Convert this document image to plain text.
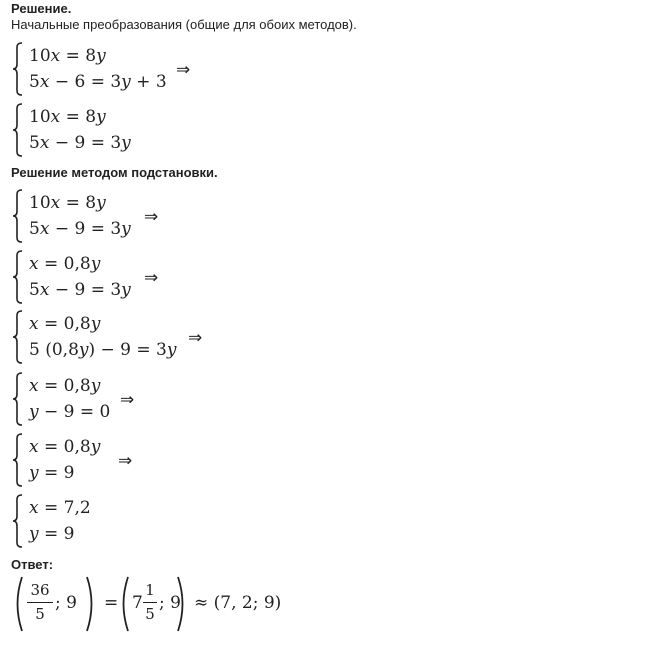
Решение.
Начальные преобразования (общие для обоих методов).
10x = 8y
5x − 6 = 3y + 3
⇒
10x = 8y
5x − 9 = 3y
Решение методом подстановки.
10x = 8y
5x − 9 = 3y
⇒
x = 0,8y
5x − 9 = 3y
⇒
x = 0,8y
5 (0,8y) − 9 = 3y
⇒
x = 0,8y
y − 9 = 0
⇒
x = 0,8y
y = 9
⇒
x = 7,2
y = 9
Ответ:
36
5
; 9 = 7
1
5
; 9 ≈ (7, 2; 9)
